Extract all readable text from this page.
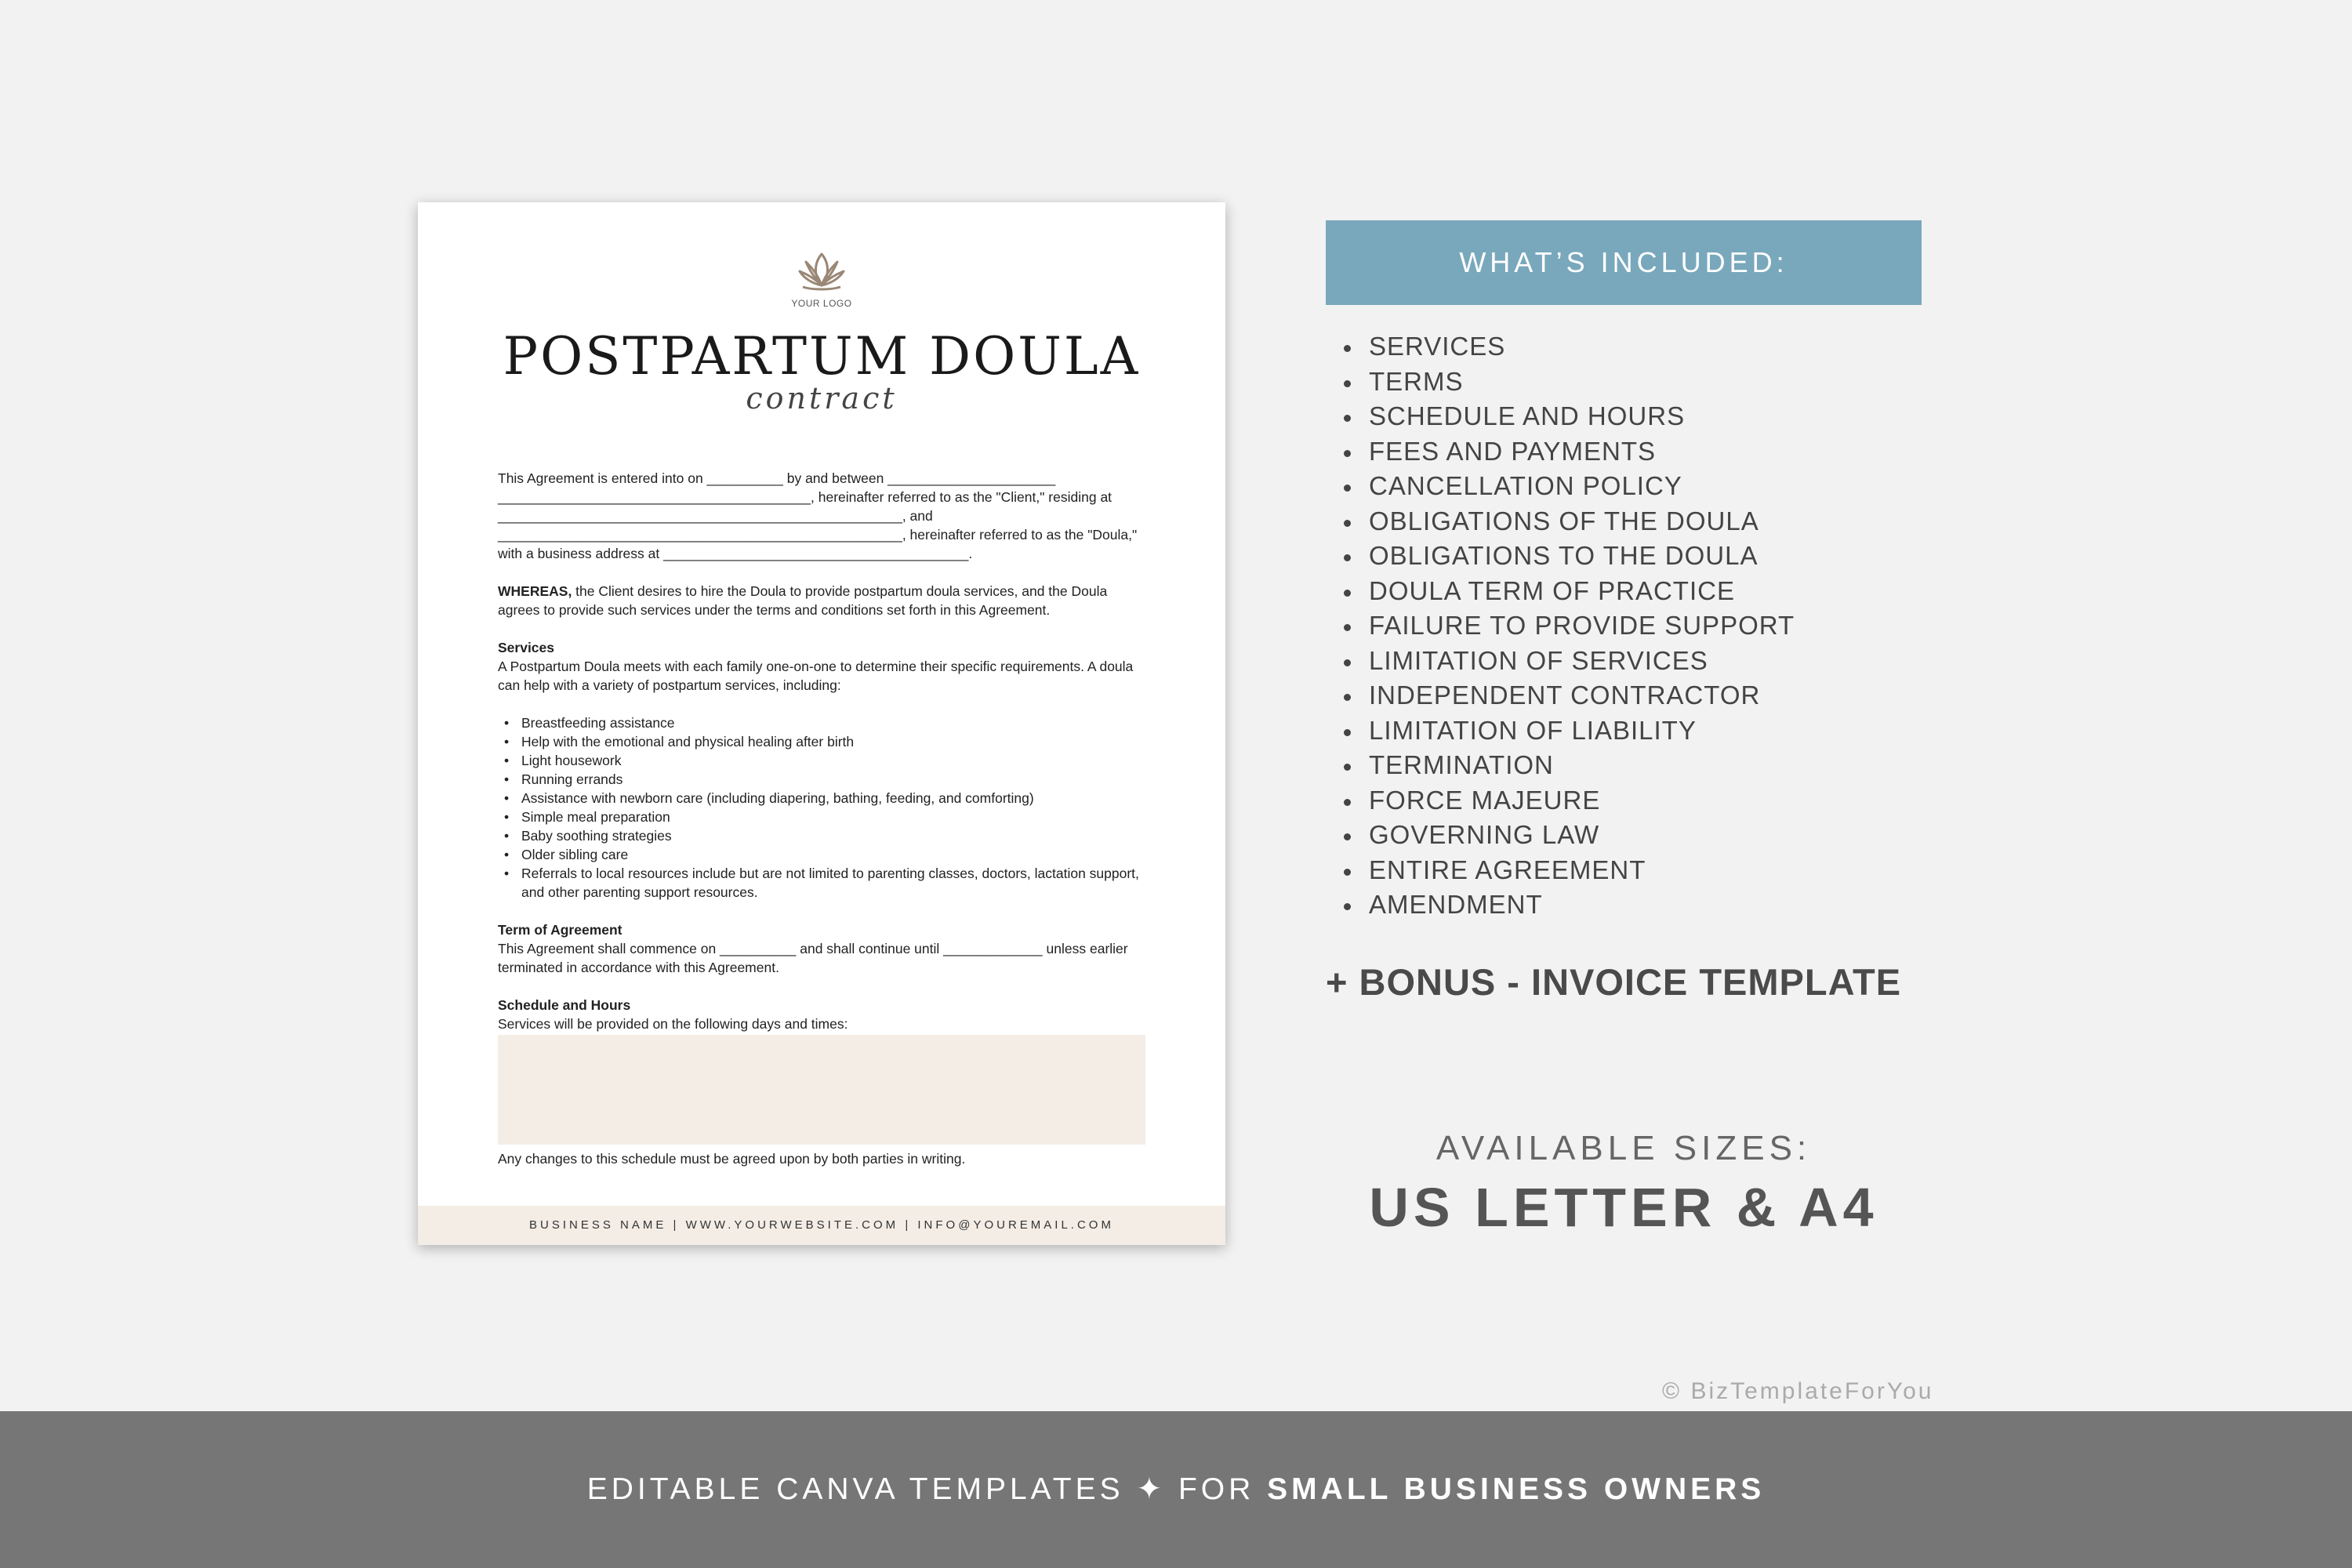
YOUR LOGO
POSTPARTUM DOULA
contract

This Agreement is entered into on __________ by and between ______________________
_________________________________________, hereinafter referred to as the "Client," residing at
_____________________________________________________, and
_____________________________________________________, hereinafter referred to as the "Doula,"
with a business address at ________________________________________.

WHEREAS, the Client desires to hire the Doula to provide postpartum doula services, and the Doula agrees to provide such services under the terms and conditions set forth in this Agreement.

Services
A Postpartum Doula meets with each family one-on-one to determine their specific requirements. A doula can help with a variety of postpartum services, including:
• Breastfeeding assistance
• Help with the emotional and physical healing after birth
• Light housework
• Running errands
• Assistance with newborn care (including diapering, bathing, feeding, and comforting)
• Simple meal preparation
• Baby soothing strategies
• Older sibling care
• Referrals to local resources include but are not limited to parenting classes, doctors, lactation support, and other parenting support resources.
Term of Agreement

This Agreement shall commence on __________ and shall continue until _____________ unless earlier terminated in accordance with this Agreement.

Schedule and Hours
Services will be provided on the following days and times:
Any changes to this schedule must be agreed upon by both parties in writing.
BUSINESS NAME | WWW.YOURWEBSITE.COM | INFO@YOUREMAIL.COM
WHAT’S INCLUDED:
SERVICES
TERMS
SCHEDULE AND HOURS
FEES AND PAYMENTS
CANCELLATION POLICY
OBLIGATIONS OF THE DOULA
OBLIGATIONS TO THE DOULA
DOULA TERM OF PRACTICE
FAILURE TO PROVIDE SUPPORT
LIMITATION OF SERVICES
INDEPENDENT CONTRACTOR
LIMITATION OF LIABILITY
TERMINATION
FORCE MAJEURE
GOVERNING LAW
ENTIRE AGREEMENT
AMENDMENT
+ BONUS - INVOICE TEMPLATE
AVAILABLE SIZES:
US LETTER & A4
© BizTemplateForYou
EDITABLE CANVA TEMPLATES ✦ FOR SMALL BUSINESS OWNERS
